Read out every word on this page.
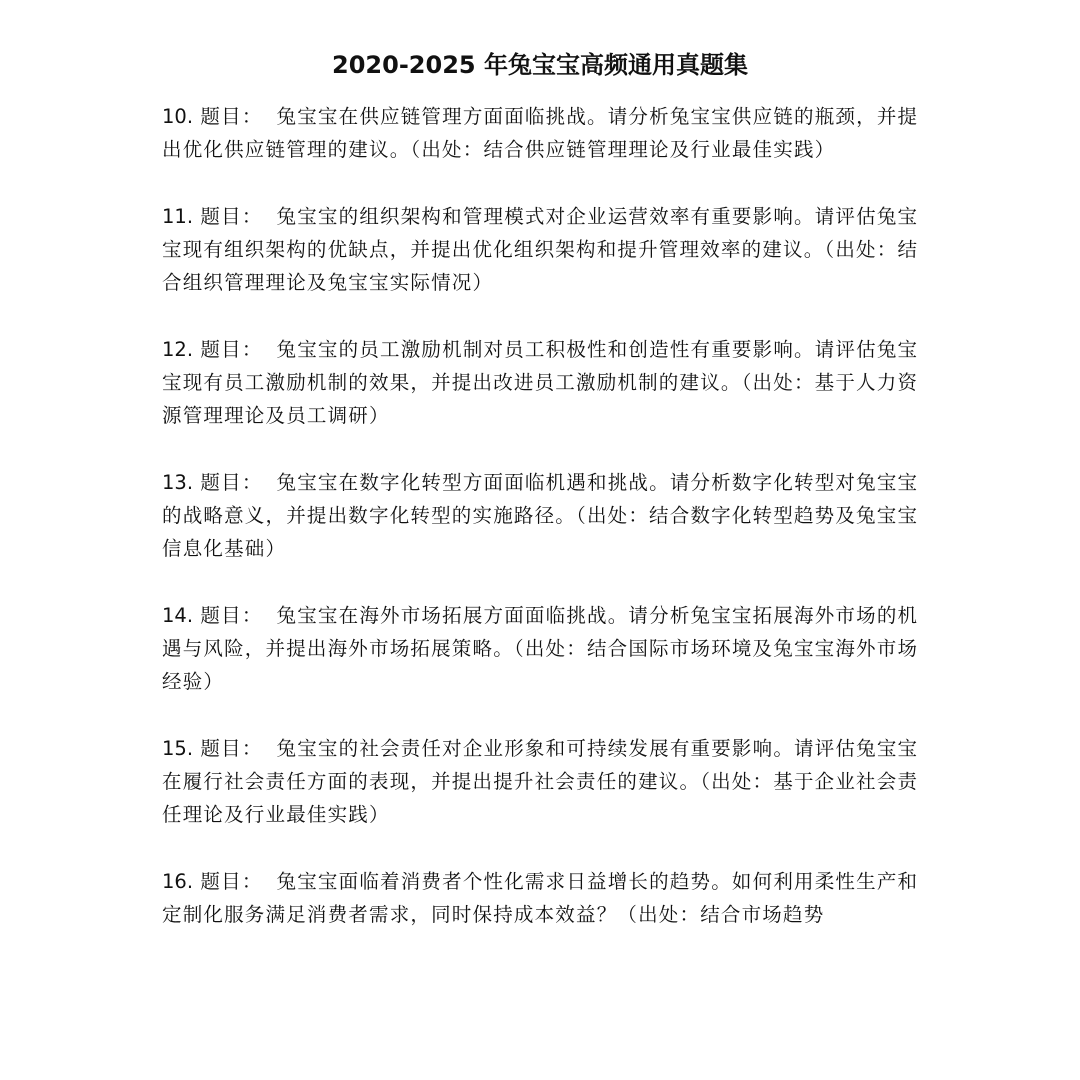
2020-2025 年兔宝宝高频通用真题集

10. 题目： 兔宝宝在供应链管理方面面临挑战。请分析兔宝宝供应链的瓶颈，并提出优化供应链管理的建议。（出处：结合供应链管理理论及行业最佳实践）

11. 题目： 兔宝宝的组织架构和管理模式对企业运营效率有重要影响。请评估兔宝宝现有组织架构的优缺点，并提出优化组织架构和提升管理效率的建议。（出处：结合组织管理理论及兔宝宝实际情况）

12. 题目： 兔宝宝的员工激励机制对员工积极性和创造性有重要影响。请评估兔宝宝现有员工激励机制的效果，并提出改进员工激励机制的建议。（出处：基于人力资源管理理论及员工调研）

13. 题目： 兔宝宝在数字化转型方面面临机遇和挑战。请分析数字化转型对兔宝宝的战略意义，并提出数字化转型的实施路径。（出处：结合数字化转型趋势及兔宝宝信息化基础）

14. 题目： 兔宝宝在海外市场拓展方面面临挑战。请分析兔宝宝拓展海外市场的机遇与风险，并提出海外市场拓展策略。（出处：结合国际市场环境及兔宝宝海外市场经验）

15. 题目： 兔宝宝的社会责任对企业形象和可持续发展有重要影响。请评估兔宝宝在履行社会责任方面的表现，并提出提升社会责任的建议。（出处：基于企业社会责任理论及行业最佳实践）

16. 题目： 兔宝宝面临着消费者个性化需求日益增长的趋势。如何利用柔性生产和定制化服务满足消费者需求，同时保持成本效益？（出处：结合市场趋势
